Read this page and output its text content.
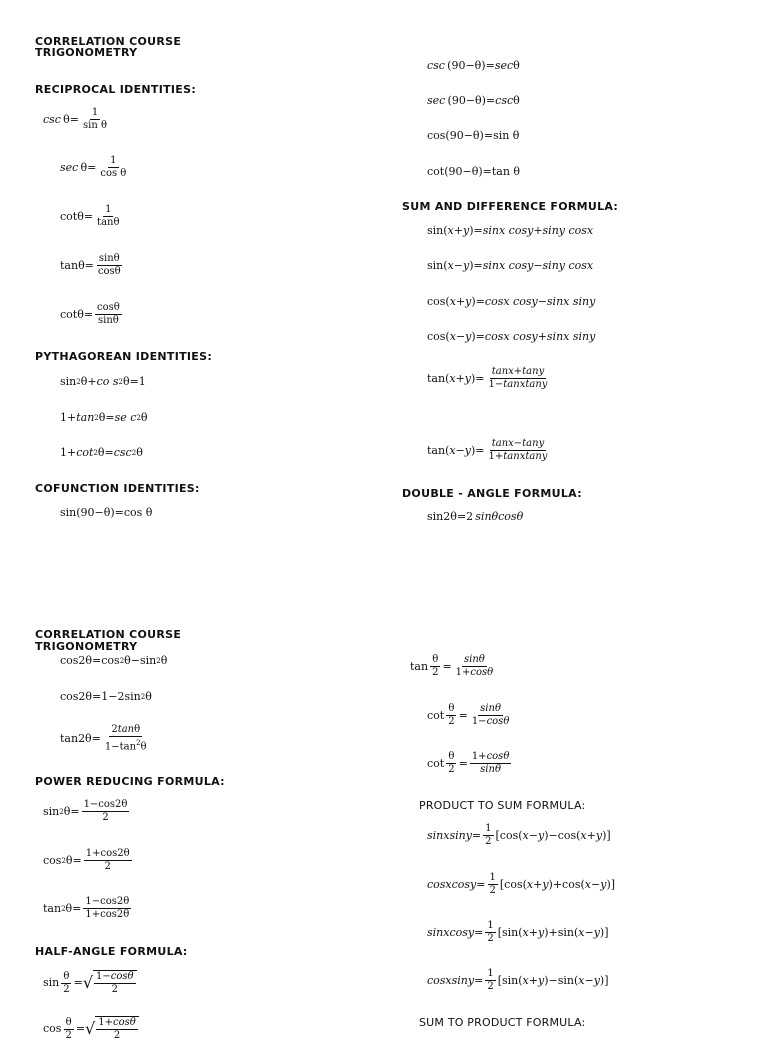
CORRELATION COURSE
TRIGONOMETRY
RECIPROCAL IDENTITIES:
$\csc \theta= \frac{1}{\text{sin θ}}$
$\sec \theta= \frac{1}{\text{cos θ}}$
$\cot\theta= \frac{1}{\tan\theta}$
$\tan\theta= \frac{\sin\theta}{\cos\theta}$
$\cot\theta= \frac{\cos\theta}{\sin\theta}$
PYTHAGOREAN IDENTITIES:
sin 2 θ+ co s 2 θ=1
1+ tan 2 θ= se c 2 θ
1+ cot 2 θ= csc 2 θ
COFUNCTION IDENTITIES:
sin(90−θ)=cos θ
csc  (90−θ)= sec θ
sec  (90−θ)= csc θ
cos(90−θ)=sin θ
cot(90−θ)=tan θ
SUM AND DIFFERENCE FORMULA:
sin( x + y )= sinx cosy + siny cosx
sin( x − y )= sinx cosy − siny cosx
cos( x + y )= cosx cosy − sinx siny
cos( x − y )= cosx cosy + sinx siny
tan( x + y )= $\frac{\tan x+\tan y}{\text{1−tanxtany}}$
tan( x − y )= $\frac{\tan x-\tan y}{\text{1+tanxtany}}$
DOUBLE - ANGLE FORMULA:
sin2θ=2  sinθcosθ
CORRELATION COURSE
TRIGONOMETRY
cos2θ=cos 2 θ−sin 2 θ
cos2θ=1−2sin 2 θ
$\tan 2\theta= \frac{2\tan\theta}{1-\tan^2\theta}$
POWER REDUCING FORMULA:
sin 2 $\theta= \frac{1-\cos 2\theta}{2}$
cos 2 $\theta= \frac{1+\cos 2\theta}{2}$
tan 2 $\theta= \frac{1-\cos 2\theta}{1+\cos 2\theta}$
HALF-ANGLE FORMULA:
$\sin \frac{\theta}{2}$ = √ $\frac{1-\cos\theta}{2}$
$\cos \frac{\theta}{2}$ = √ $\frac{1+\cos\theta}{2}$
$\tan \frac{\theta}{2} = \frac{\sin\theta}{1+\cos\theta}$
$\cot \frac{\theta}{2} = \frac{\sin\theta}{1-\cos\theta}$
$\cot \frac{\theta}{2} = \frac{1+\cos\theta}{\sin\theta}$
PRODUCT TO SUM FORMULA:
sinxsiny = $\frac{1}{2} [\cos$( x − y )−cos( x + y )]
cosxcosy = $\frac{1}{2} [\cos$( x + y )+cos( x − y )]
sinxcosy = $\frac{1}{2} [\sin$( x + y )+sin( x − y )]
cosxsiny = $\frac{1}{2} [\sin$( x + y )−sin( x − y )]
SUM TO PRODUCT FORMULA:
